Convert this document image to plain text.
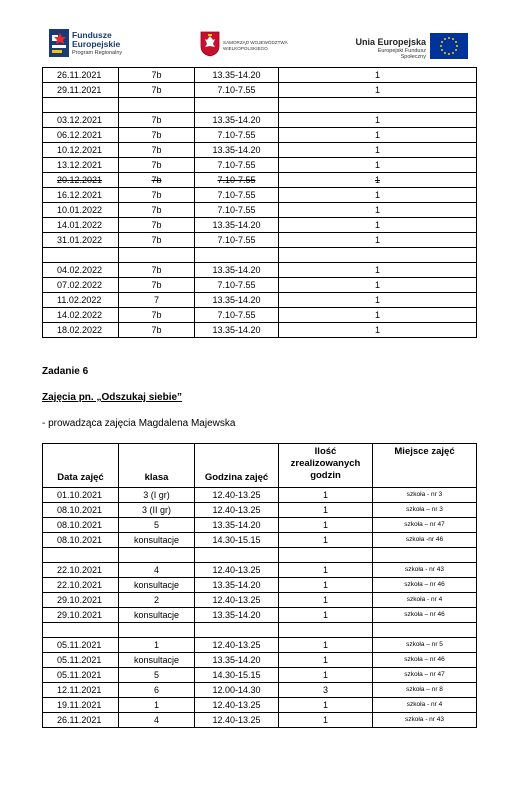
Fundusze
Europejskie
Program Regionalny
SAMORZĄD WOJEWÓDZTWA
WIELKOPOLSKIEGO
Unia Europejska
Europejski Fundusz Społeczny
26.11.2021	7b	13.35-14.20	1
29.11.2021	7b	7.10-7.55	1

03.12.2021	7b	13.35-14.20	1
06.12.2021	7b	7.10-7.55	1
10.12.2021	7b	13.35-14.20	1
13.12.2021	7b	7.10-7.55	1
20.12.2021	7b	7.10-7.55	1
16.12.2021	7b	7.10-7.55	1
10.01.2022	7b	7.10-7.55	1
14.01.2022	7b	13.35-14.20	1
31.01.2022	7b	7.10-7.55	1

04.02.2022	7b	13.35-14.20	1
07.02.2022	7b	7.10-7.55	1
11.02.2022	7	13.35-14.20	1
14.02.2022	7b	7.10-7.55	1
18.02.2022	7b	13.35-14.20	1
Zadanie 6
Zajęcia pn. „Odszukaj siebie”
- prowadząca zajęcia Magdalena Majewska
Data zajęć	klasa	Godzina zajęć	Ilość zrealizowanych godzin	Miejsce zajęć
01.10.2021	3 (I gr)	12.40-13.25	1	szkoła - nr 3
08.10.2021	3 (II gr)	12.40-13.25	1	szkoła – nr 3
08.10.2021	5	13.35-14.20	1	szkoła – nr 47
08.10.2021	konsultacje	14.30-15.15	1	szkoła -nr 46

22.10.2021	4	12.40-13.25	1	szkoła - nr 43
22.10.2021	konsultacje	13.35-14.20	1	szkoła – nr 46
29.10.2021	2	12.40-13.25	1	szkoła - nr 4
29.10.2021	konsultacje	13.35-14.20	1	szkoła – nr 46

05.11.2021	1	12.40-13.25	1	szkoła – nr 5
05.11.2021	konsultacje	13.35-14.20	1	szkoła – nr 46
05.11.2021	5	14.30-15.15	1	szkoła – nr 47
12.11.2021	6	12.00-14.30	3	szkoła – nr 8
19.11.2021	1	12.40-13.25	1	szkoła - nr 4
26.11.2021	4	12.40-13.25	1	szkoła - nr 43
